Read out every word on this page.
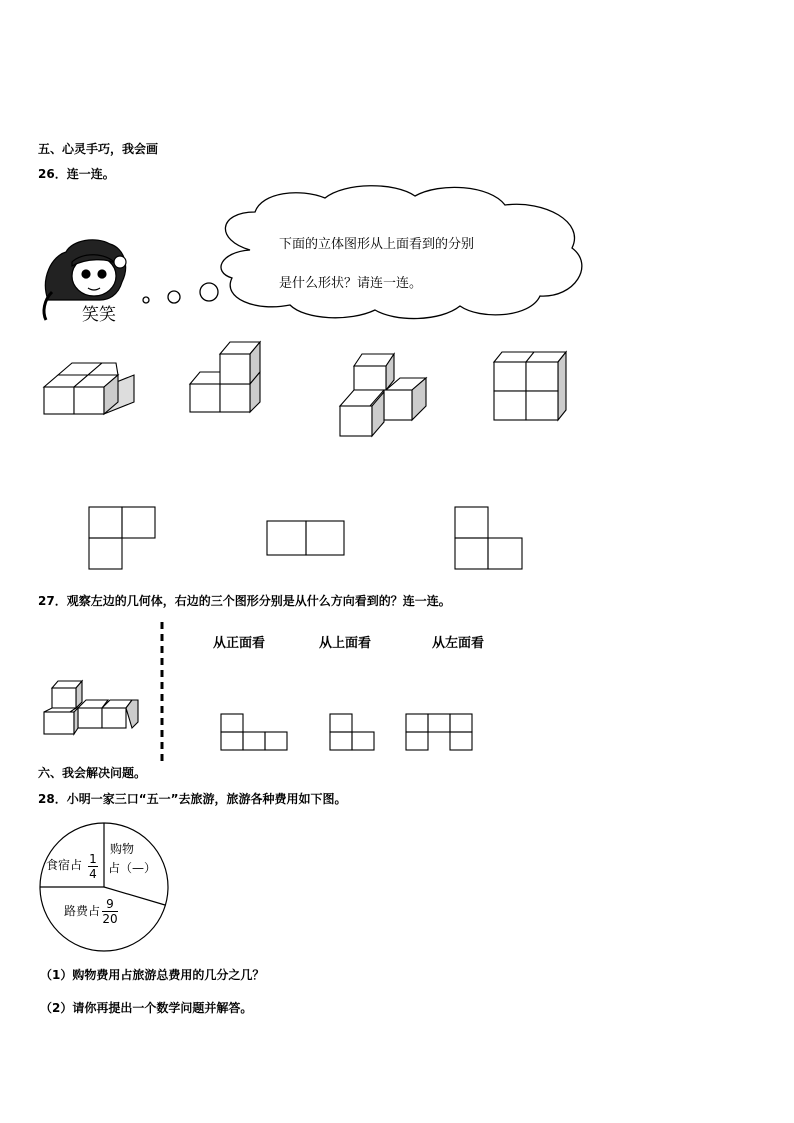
五、心灵手巧，我会画
26．连一连。
下面的立体图形从上面看到的分别
是什么形状？请连一连。
笑笑
27．观察左边的几何体，右边的三个图形分别是从什么方向看到的？连一连。
从正面看	从上面看	从左面看
六、我会解决问题。
28．小明一家三口“五一”去旅游，旅游各种费用如下图。
食宿占 1
4
购物
占（—）
路费占 9
20
（1）购物费用占旅游总费用的几分之几？
（2）请你再提出一个数学问题并解答。
